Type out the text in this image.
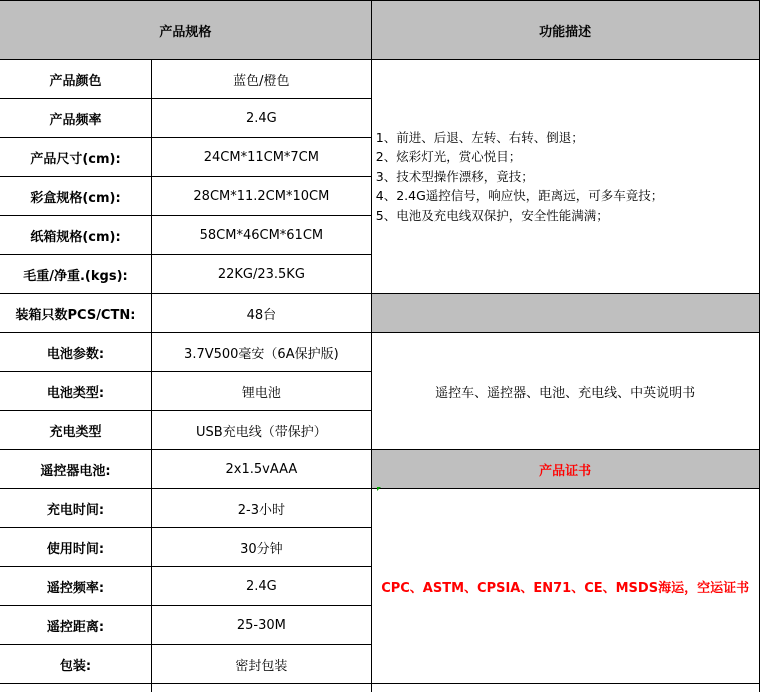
产品规格		功能描述	
产品颜色	蓝色/橙色	1、前进、后退、左转、右转、倒退；
2、炫彩灯光，赏心悦目；
3、技术型操作漂移，竟技；
4、2.4G遥控信号，响应快，距离远，可多车竟技；
5、电池及充电线双保护，安全性能满满；	

产品频率	2.4G		
产品尺寸(cm):	24CM*11CM*7CM		
彩盒规格(cm):	28CM*11.2CM*10CM		
纸箱规格(cm):	58CM*46CM*61CM		
毛重/净重.(kgs):	22KG/23.5KG		
装箱只数PCS/CTN:	48台		
电池参数:	3.7V500毫安（6A保护版)	遥控车、遥控器、电池、充电线、中英说明书	
电池类型:	锂电池		
充电类型	USB充电线（带保护）		
遥控器电池:	2x1.5vAAA	产品证书	
充电时间:	2-3小时	CPC、ASTM、CPSIA、EN71、CE、MSDS海运，空运证书	
使用时间:	30分钟		
遥控频率:	2.4G		
遥控距离:	25-30M		
包装:	密封包装		
